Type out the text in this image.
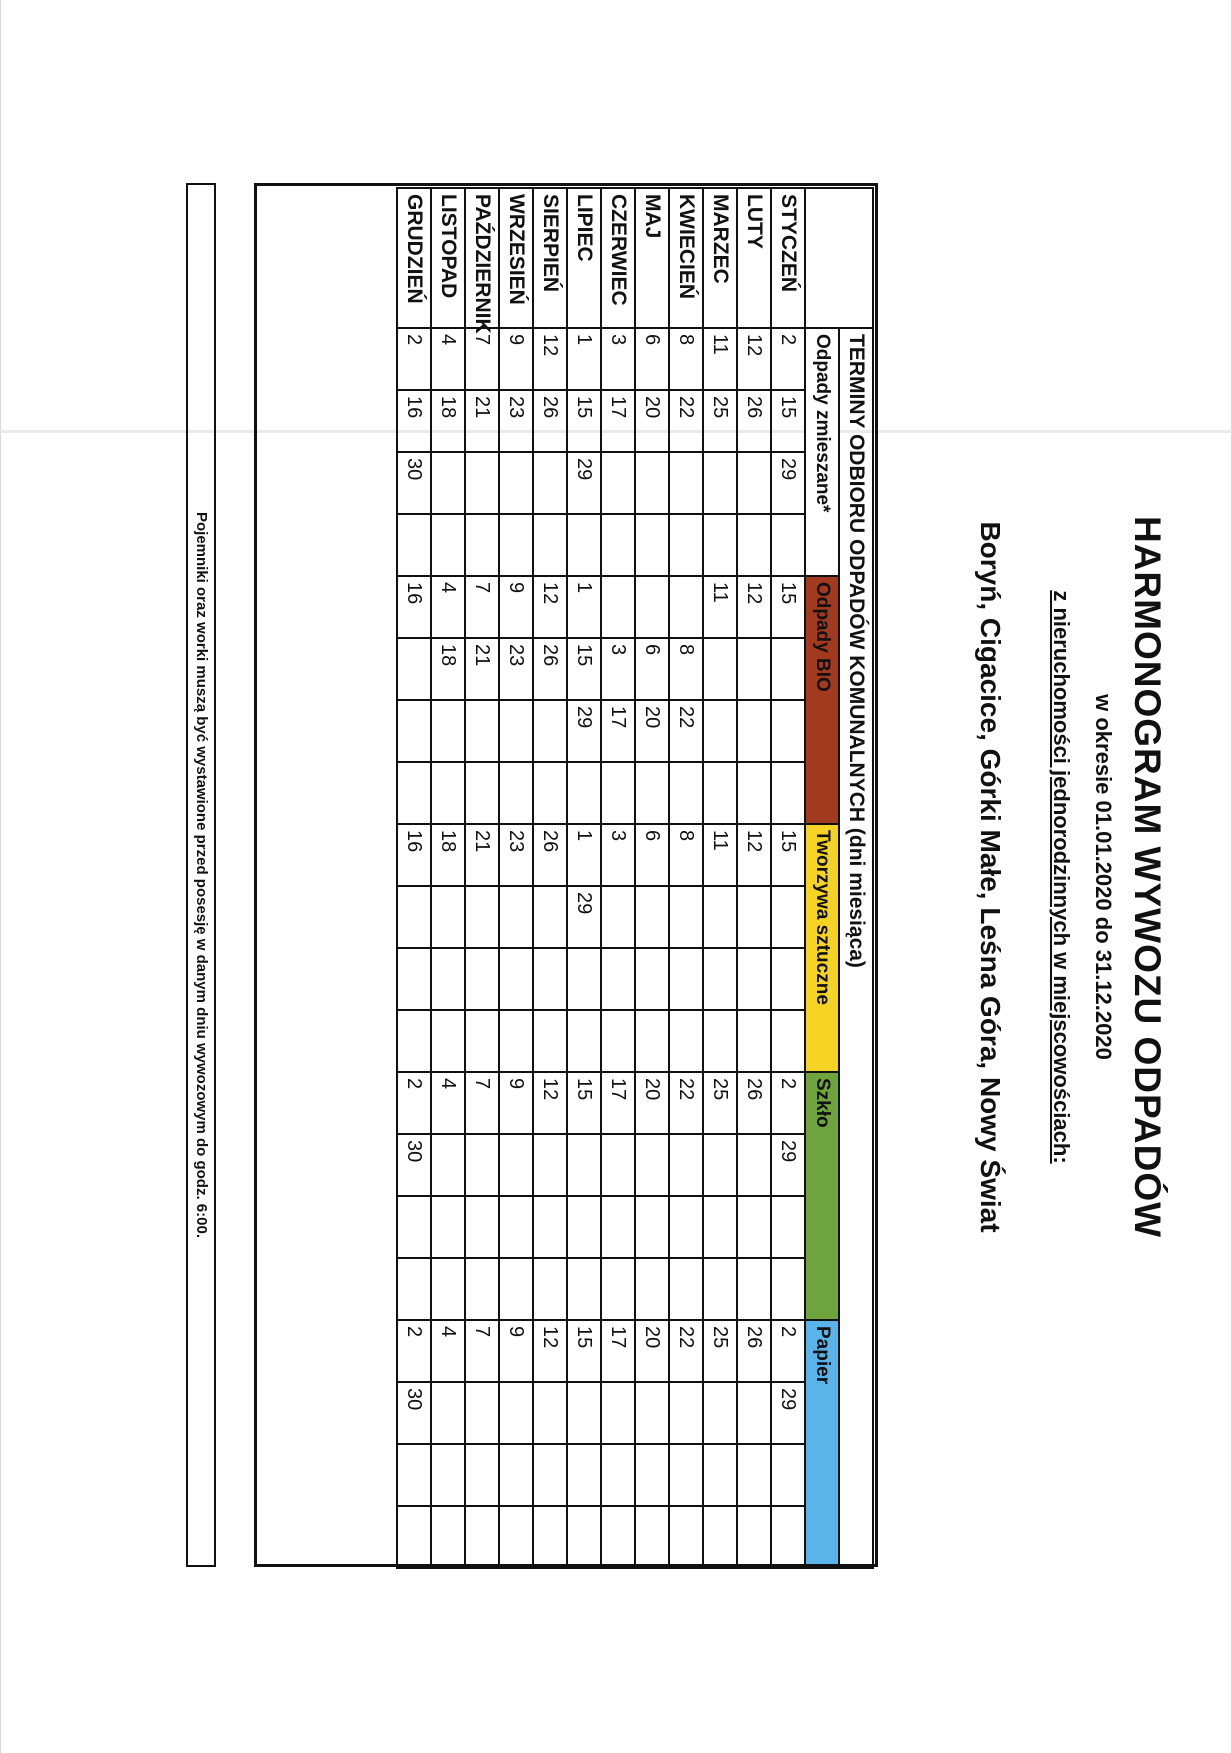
HARMONOGRAM WYWOZU ODPADÓW
w okresie 01.01.2020 do 31.12.2020
z nieruchomości jednorodzinnych w miejscowościach:
Boryń, Cigacice, Górki Małe, Leśna Góra, Nowy Świat
	TERMINY ODBIORU ODPADÓW KOMUNALNYCH (dni miesiąca)																			
	Odpady zmieszane*				Odpady BIO				Tworzywa sztuczne				Szkło				Papier			
STYCZEŃ	2	15	29		15				15				2	29			2	29		
LUTY	12	26			12				12				26				26			
MARZEC	11	25			11				11				25				25			
KWIECIEŃ	8	22				8	22		8				22				22			
MAJ	6	20				6	20		6				20				20			
CZERWIEC	3	17				3	17		3				17				17			
LIPIEC	1	15	29		1	15	29		1	29			15				15			
SIERPIEŃ	12	26			12	26			26				12				12			
WRZESIEŃ	9	23			9	23			23				9				9			
PAŹDZIERNIK	7	21			7	21			21				7				7			
LISTOPAD	4	18			4	18			18				4				4			
GRUDZIEŃ	2	16	30		16				16				2	30			2	30		
Pojemniki oraz worki muszą być wystawione przed posesję w danym dniu wywozowym do godz. 6:00.
